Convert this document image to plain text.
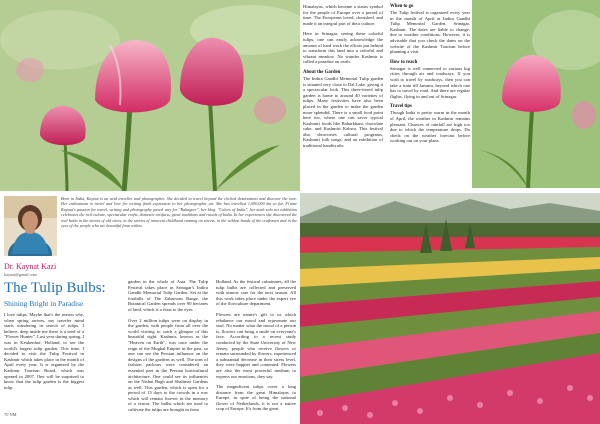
Himalayas, which became a status symbol for the people of Europe over a period of time. The Europeans loved, cherished, and made it an integral part of their culture.

Here in Srinagar, seeing these colorful tulips, one can easily acknowledge the amount of hard work the efforts put behind to transform this land into a colorful and vibrant meadow. No wonder Kashmir is called a paradise on earth.

About the Garden

The Indira Gandhi Memorial Tulip garden is situated very close to Dal Lake, giving it a spectacular look. This three-tiered tulip garden is home to around 40 varieties of tulips. Many festivities have also been placed in the garden to make the garden more splendid. There is a small food point here too, where one can savor typical Kashmiri foods like Baharkhani, chocolate cake, and Kashmiri Kahwa. This festival also showcases cultural programs, Kashmiri folk songs, and an exhibition of traditional handicrafts.

When to go

The Tulip festival is organized every year in the month of April at Indira Gandhi Tulip Memorial Garden, Srinagar, Kashmir. The dates are liable to change, due to weather conditions. However, it is advisable that you check the dates on the website of the Kashmir Tourism before planning a visit.

How to reach

Srinagar is well connected to various big cities through air and roadways. If you wish to travel by roadways, then you can take a train till Jammu, beyond which one has to travel by road. And there are regular flights, flying in and out of Srinagar.

Travel tips

Though India is pretty warm in the month of April, the weather in Kashmir remains pleasant. Chances of rainfall are high too due to which the temperature drops. Do check on the weather forecast before working out on your plans.

Born in India, Kaynat is an avid traveller and photographer. She decided to travel beyond the cliched destinations and discover the rare. Her enthusiasm to travel and love for writing finds expression in her photographic art. She has travelled 1,000,000 km so far. Fi'ume Kaynat's passion for travel, writing and photography paved way for "Rahageer", her blog. "Colors of India", her sixth solo art exhibition celebrates the rich culture, spectacular crafts, domestic artifacts, great traditions and rituals of India. In her experiences she discovered the real India in the streets of old cities, in the stories of innocent childhood running on streets, in the wildest hands of the craftsmen and in the eyes of the people who are beautiful from within.
Dr. Kaynat Kazi
kaynat@gmail.com
The Tulip Bulbs:
Shining Bright in Paradise

I love tulips. Maybe that's the reason why, when spring arrives, my traveler mind starts wandering in search of tulips. I believe, deep inside me there is a seed of a "Flower Hunter". Last year during spring, I was in Keukenhof, Holland, to see the world's largest tulip garden. This time, I decided to visit the Tulip Festival in Kashmir which takes place in the month of April every year. It is organized by the Kashmir Tourism Board, which was opened in 2007. One will be surprised to know that the tulip garden is the biggest tulip

garden in the whole of Asia. The Tulip Festival takes place in Srinagar's Indira Gandhi Memorial Tulip Garden. Set at the foothills of The Zabarwan Range, the Botanical Garden spreads over 90 hectares of land, which is a feast to the eyes.

Over 2 million tulips were on display in the garden, with people from all over the world visiting to catch a glimpse of this beautiful sight. Kashmir, known as the "Heaven on Earth", was once under the reign of the Mughal Empire in the past, so one can see the Persian influence on the designs of the gardens as well. The tons of fashion parlours were considered an essential part in the Persian horticultural architecture. One could see its influences on the Nishat Bagh and Shalimar Gardens as well. This garden, which is open for a period of 15 days to the crowds in a row which will remain forever in the memory of a visitor. The bulbs which are used to cultivate the tulips are brought in from

Holland. As the festival culminates, all the tulip bulbs are collected and preserved with utmost care for the next season. All this work takes place under the expert eye of the floriculture department.

Flowers are nature's gift to us which rebalance our mood and rejuvenate our soul. No matter what the mood of a person is, flowers can bring a smile on everyone's face. According to a recent study conducted by the State University of New Jersey, people who receive flowers or remain surrounded by flowers, experienced a substantial decrease in their stress level, they were happier and contented. Flowers are also the most powerful medium to express our emotions, they say.

The magnificent tulips cover a long distance from the great Himalayas to Europe, in spite of being the national flower of Netherlands, it is not a native crop of Europe. It's from the great

70 NM
